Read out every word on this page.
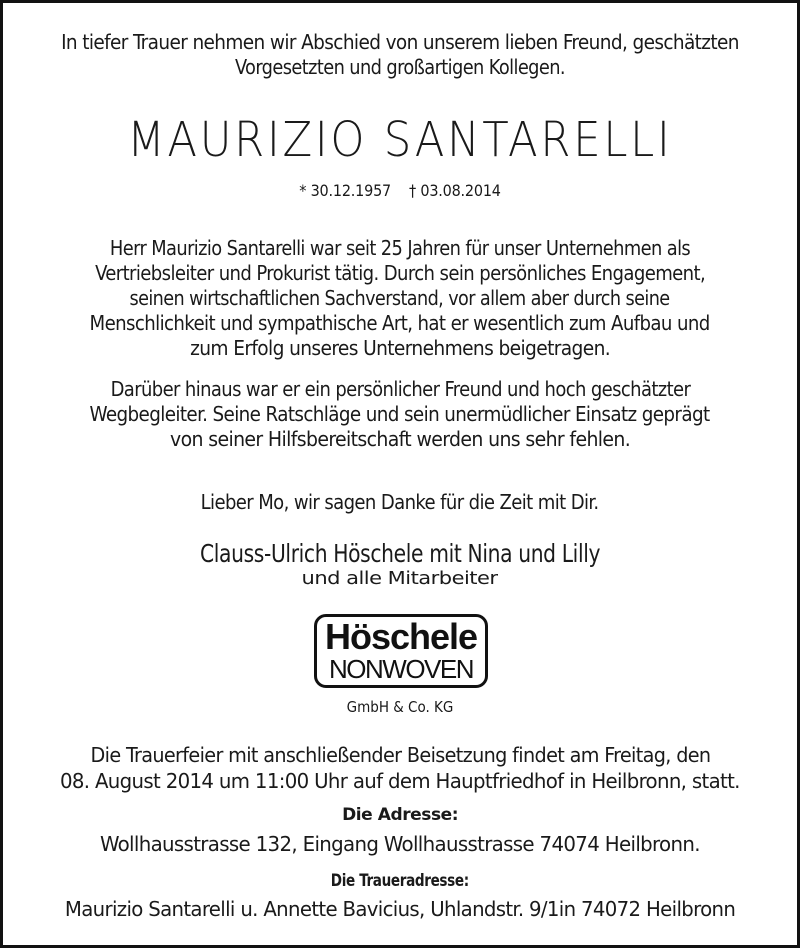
In tiefer Trauer nehmen wir Abschied von unserem lieben Freund, geschätzten
Vorgesetzten und großartigen Kollegen.
MAURIZIO SANTARELLI
* 30.12.1957 † 03.08.2014
Herr Maurizio Santarelli war seit 25 Jahren für unser Unternehmen als
Vertriebsleiter und Prokurist tätig. Durch sein persönliches Engagement,
seinen wirtschaftlichen Sachverstand, vor allem aber durch seine
Menschlichkeit und sympathische Art, hat er wesentlich zum Aufbau und
zum Erfolg unseres Unternehmens beigetragen.
Darüber hinaus war er ein persönlicher Freund und hoch geschätzter
Wegbegleiter. Seine Ratschläge und sein unermüdlicher Einsatz geprägt
von seiner Hilfsbereitschaft werden uns sehr fehlen.
Lieber Mo, wir sagen Danke für die Zeit mit Dir.
Clauss-Ulrich Höschele mit Nina und Lilly
und alle Mitarbeiter
Höschele
NONWOVEN
GmbH & Co. KG
Die Trauerfeier mit anschließender Beisetzung findet am Freitag, den
08. August 2014 um 11:00 Uhr auf dem Hauptfriedhof in Heilbronn, statt.
Die Adresse:
Wollhausstrasse 132, Eingang Wollhausstrasse 74074 Heilbronn.
Die Traueradresse:
Maurizio Santarelli u. Annette Bavicius, Uhlandstr. 9/1in 74072 Heilbronn
